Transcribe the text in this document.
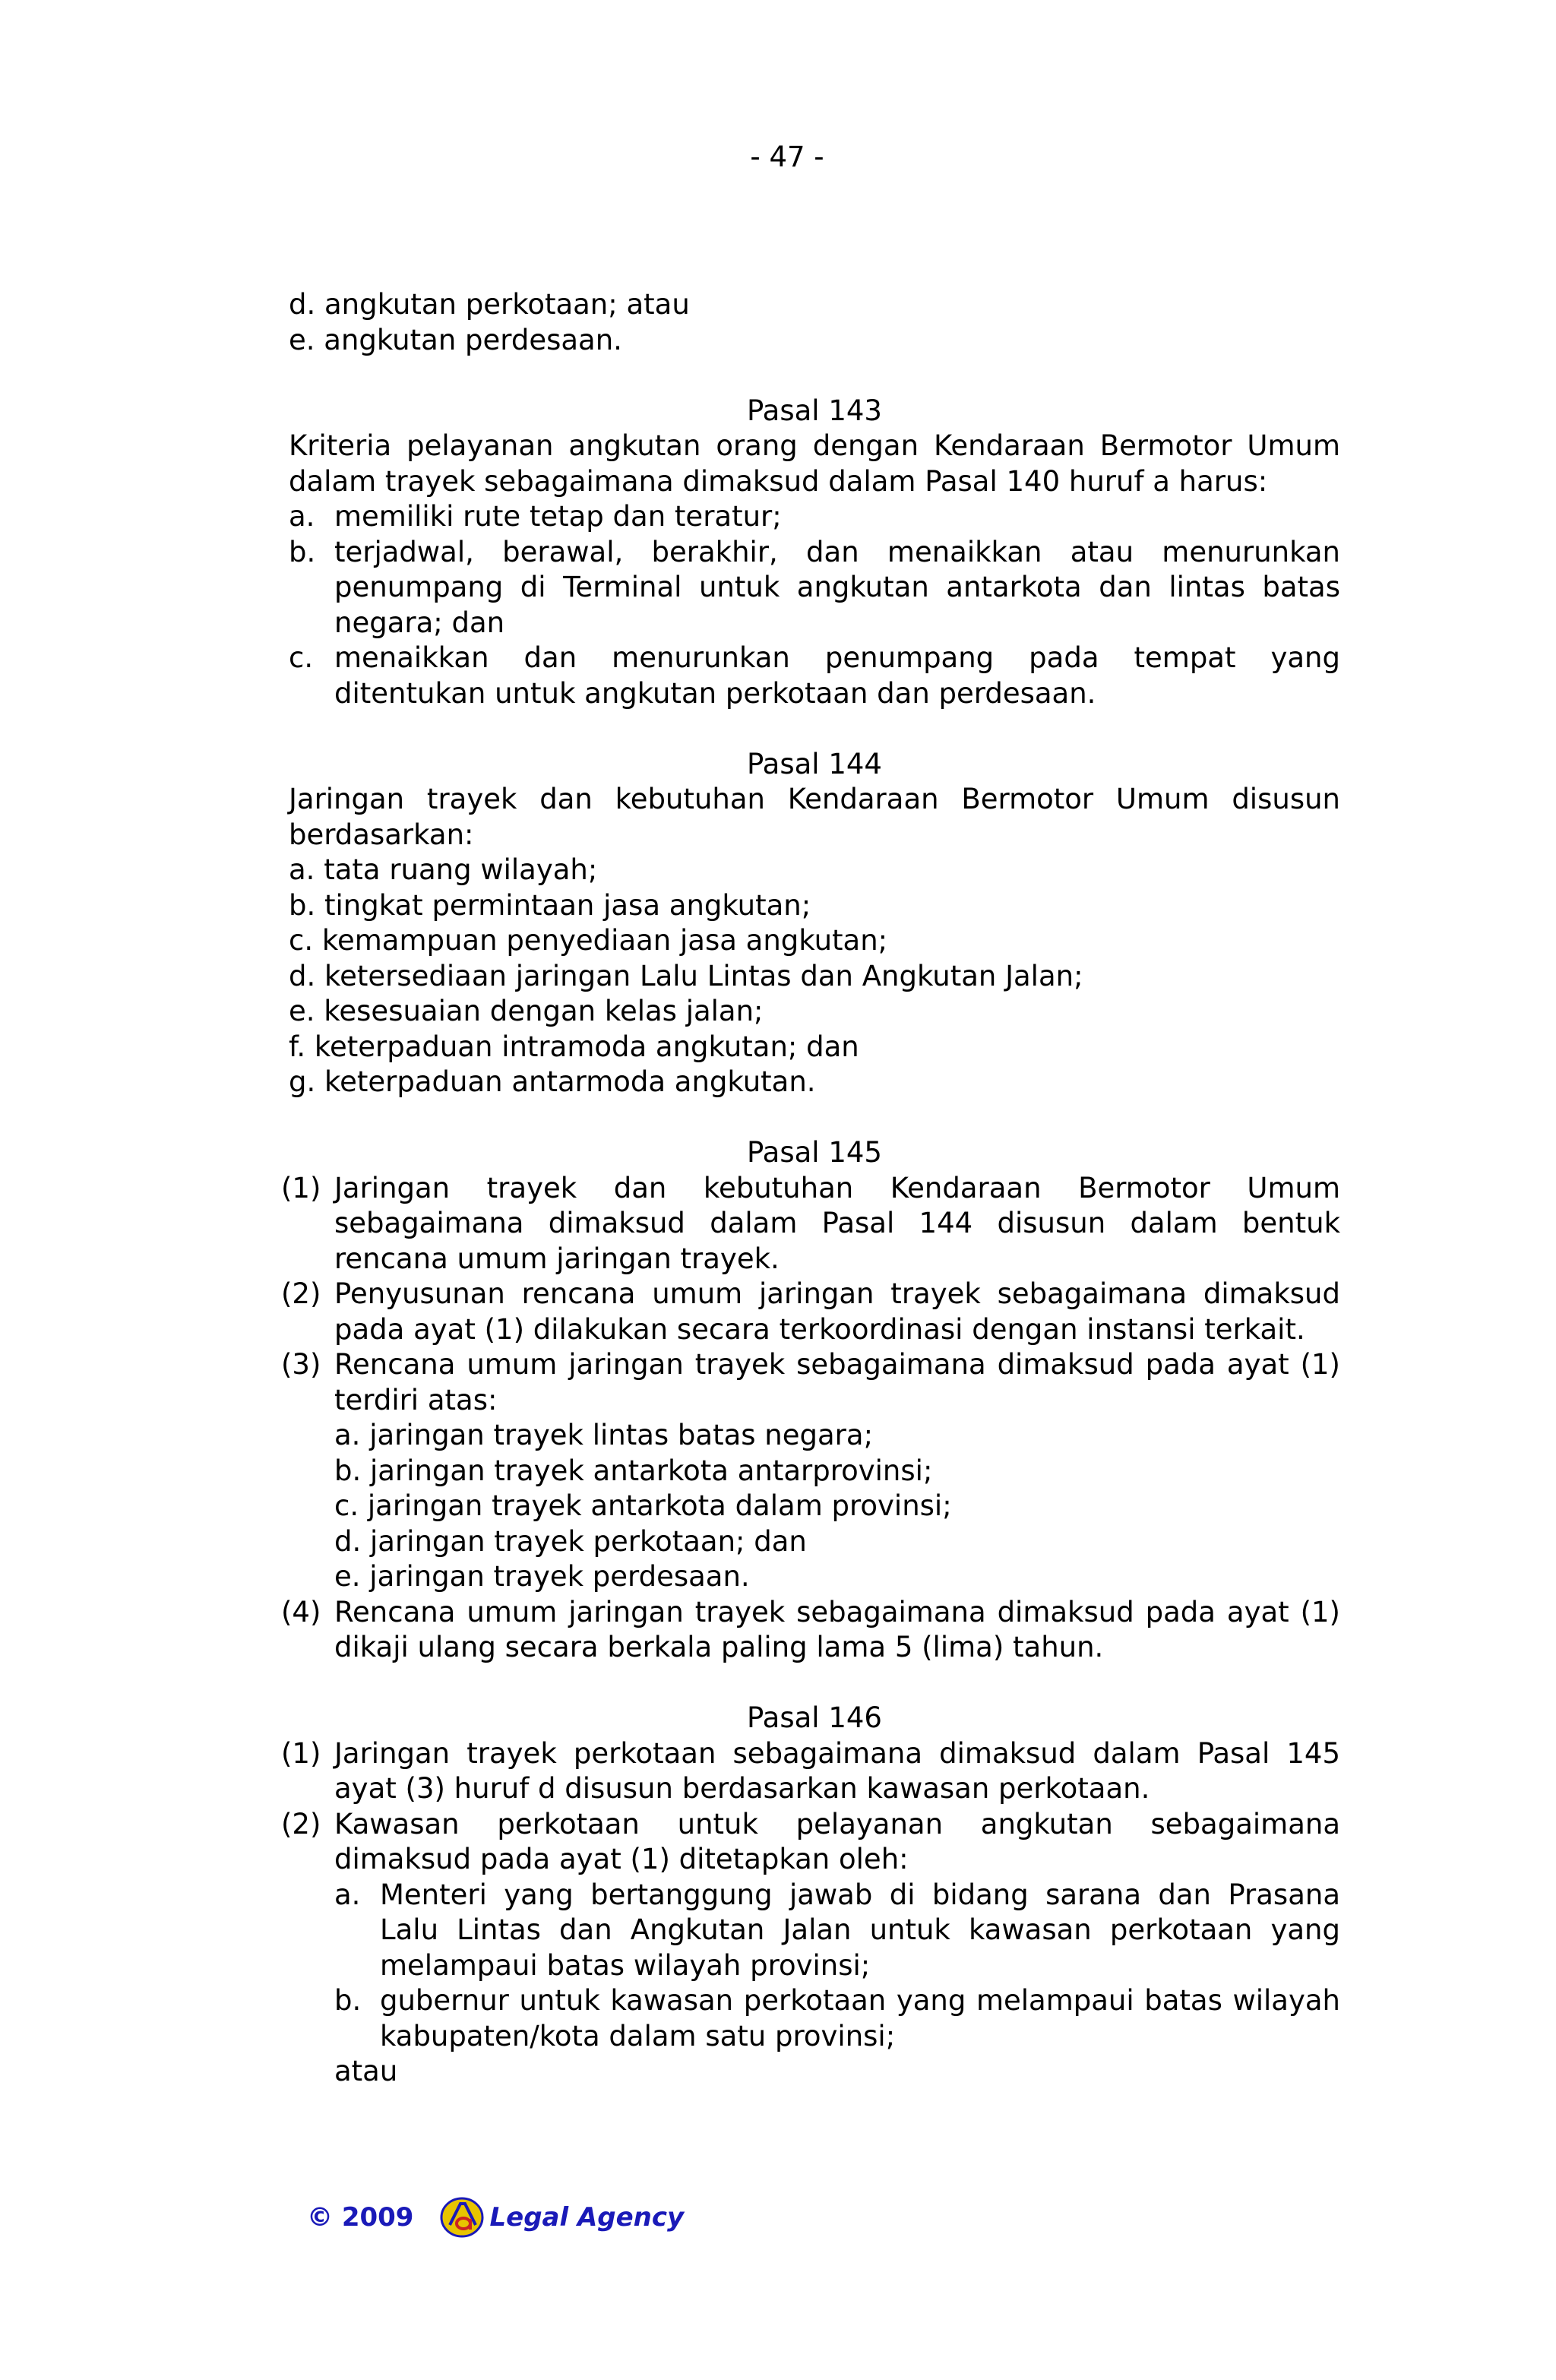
- 47 -
d. angkutan perkotaan; atau
e. angkutan perdesaan.
Pasal 143
Kriteria pelayanan angkutan orang dengan Kendaraan Bermotor Umum dalam trayek sebagaimana dimaksud dalam Pasal 140 huruf a harus:
a. memiliki rute tetap dan teratur;
b. terjadwal, berawal, berakhir, dan menaikkan atau menurunkan penumpang di Terminal untuk angkutan antarkota dan lintas batas negara; dan
c. menaikkan dan menurunkan penumpang pada tempat yang ditentukan untuk angkutan perkotaan dan perdesaan.
Pasal 144
Jaringan trayek dan kebutuhan Kendaraan Bermotor Umum disusun berdasarkan:
a. tata ruang wilayah;
b. tingkat permintaan jasa angkutan;
c. kemampuan penyediaan jasa angkutan;
d. ketersediaan jaringan Lalu Lintas dan Angkutan Jalan;
e. kesesuaian dengan kelas jalan;
f. keterpaduan intramoda angkutan; dan
g. keterpaduan antarmoda angkutan.
Pasal 145
(1) Jaringan trayek dan kebutuhan Kendaraan Bermotor Umum sebagaimana dimaksud dalam Pasal 144 disusun dalam bentuk rencana umum jaringan trayek.
(2) Penyusunan rencana umum jaringan trayek sebagaimana dimaksud pada ayat (1) dilakukan secara terkoordinasi dengan instansi terkait.
(3) Rencana umum jaringan trayek sebagaimana dimaksud pada ayat (1) terdiri atas:
a. jaringan trayek lintas batas negara;
b. jaringan trayek antarkota antarprovinsi;
c. jaringan trayek antarkota dalam provinsi;
d. jaringan trayek perkotaan; dan
e. jaringan trayek perdesaan.
(4) Rencana umum jaringan trayek sebagaimana dimaksud pada ayat (1) dikaji ulang secara berkala paling lama 5 (lima) tahun.
Pasal 146
(1) Jaringan trayek perkotaan sebagaimana dimaksud dalam Pasal 145 ayat (3) huruf d disusun berdasarkan kawasan perkotaan.
(2) Kawasan perkotaan untuk pelayanan angkutan sebagaimana dimaksud pada ayat (1) ditetapkan oleh:
a. Menteri yang bertanggung jawab di bidang sarana dan Prasana Lalu Lintas dan Angkutan Jalan untuk kawasan perkotaan yang melampaui batas wilayah provinsi;
b. gubernur untuk kawasan perkotaan yang melampaui batas wilayah kabupaten/kota dalam satu provinsi;
atau
© 2009	Legal Agency
